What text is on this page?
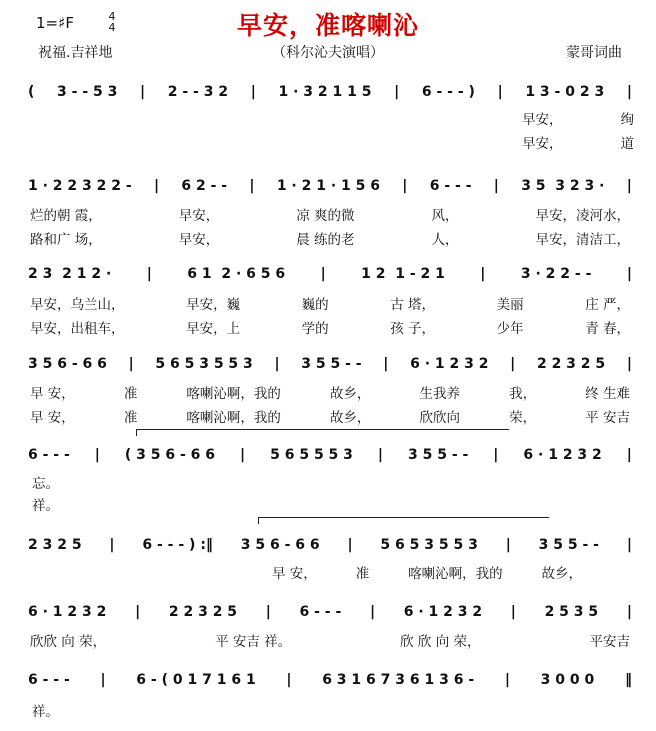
早安，准喀喇沁
1=♯F	4
4
祝福.吉祥地	（科尔沁夫演唱）	蒙哥词曲
( 3 - - 5 3 | 2 - - 3 2 | 1 · 3 2 1 1 5 | 6 - - - ) | 1 3 - 0 2 3 |
早安，	绚
早安，	道
1 · 2 2 3 2 2 - | 6 2 - - | 1 · 2 1 · 1 5 6 | 6 - - - | 3 5  3 2 3 · |
烂的朝 霞，	早安，	凉 爽的微	风，	早安，凌河水，
路和广 场，	早安，	晨 练的老	人，	早安，清洁工，
2 3  2 1 2 ·	|	6 1  2 · 6 5 6	|	1 2  1 - 2 1	|	3 · 2 2 - -	|
早安，乌兰山，	早安，巍	巍的	古 塔，	美丽	庄 严，
早安，出租车，	早安，上	学的	孩 子，	少年	青 春，
3 5 6 - 6 6 | 5 6 5 3 5 5 3 | 3 5 5 - - | 6 · 1 2 3 2 | 2 2 3 2 5 |
早 安，	准	喀喇沁啊，我的	故乡，	生我养	我，	终 生难
早 安，	准	喀喇沁啊，我的	故乡，	欣欣向	荣，	平 安吉
6 - - - | ( 3 5 6 - 6 6 | 5 6 5 5 5 3 | 3 5 5 - - | 6 · 1 2 3 2 |
忘。
祥。
2 3 2 5 | 6 - - - ) :‖ 3 5 6 - 6 6 | 5 6 5 3 5 5 3 | 3 5 5 - - |
早 安，	准	喀喇沁啊，我的	故乡，
6 · 1 2 3 2 | 2 2 3 2 5 | 6 - - - | 6 · 1 2 3 2 | 2 5 3 5 |
欣欣 向 荣，	平 安吉 祥。	欣 欣 向 荣，	平安吉
6 - - - | 6 - ( 0 1 7 1 6 1 | 6 3 1 6 7 3 6 1 3 6 - | 3 0 0 0 ‖
祥。
